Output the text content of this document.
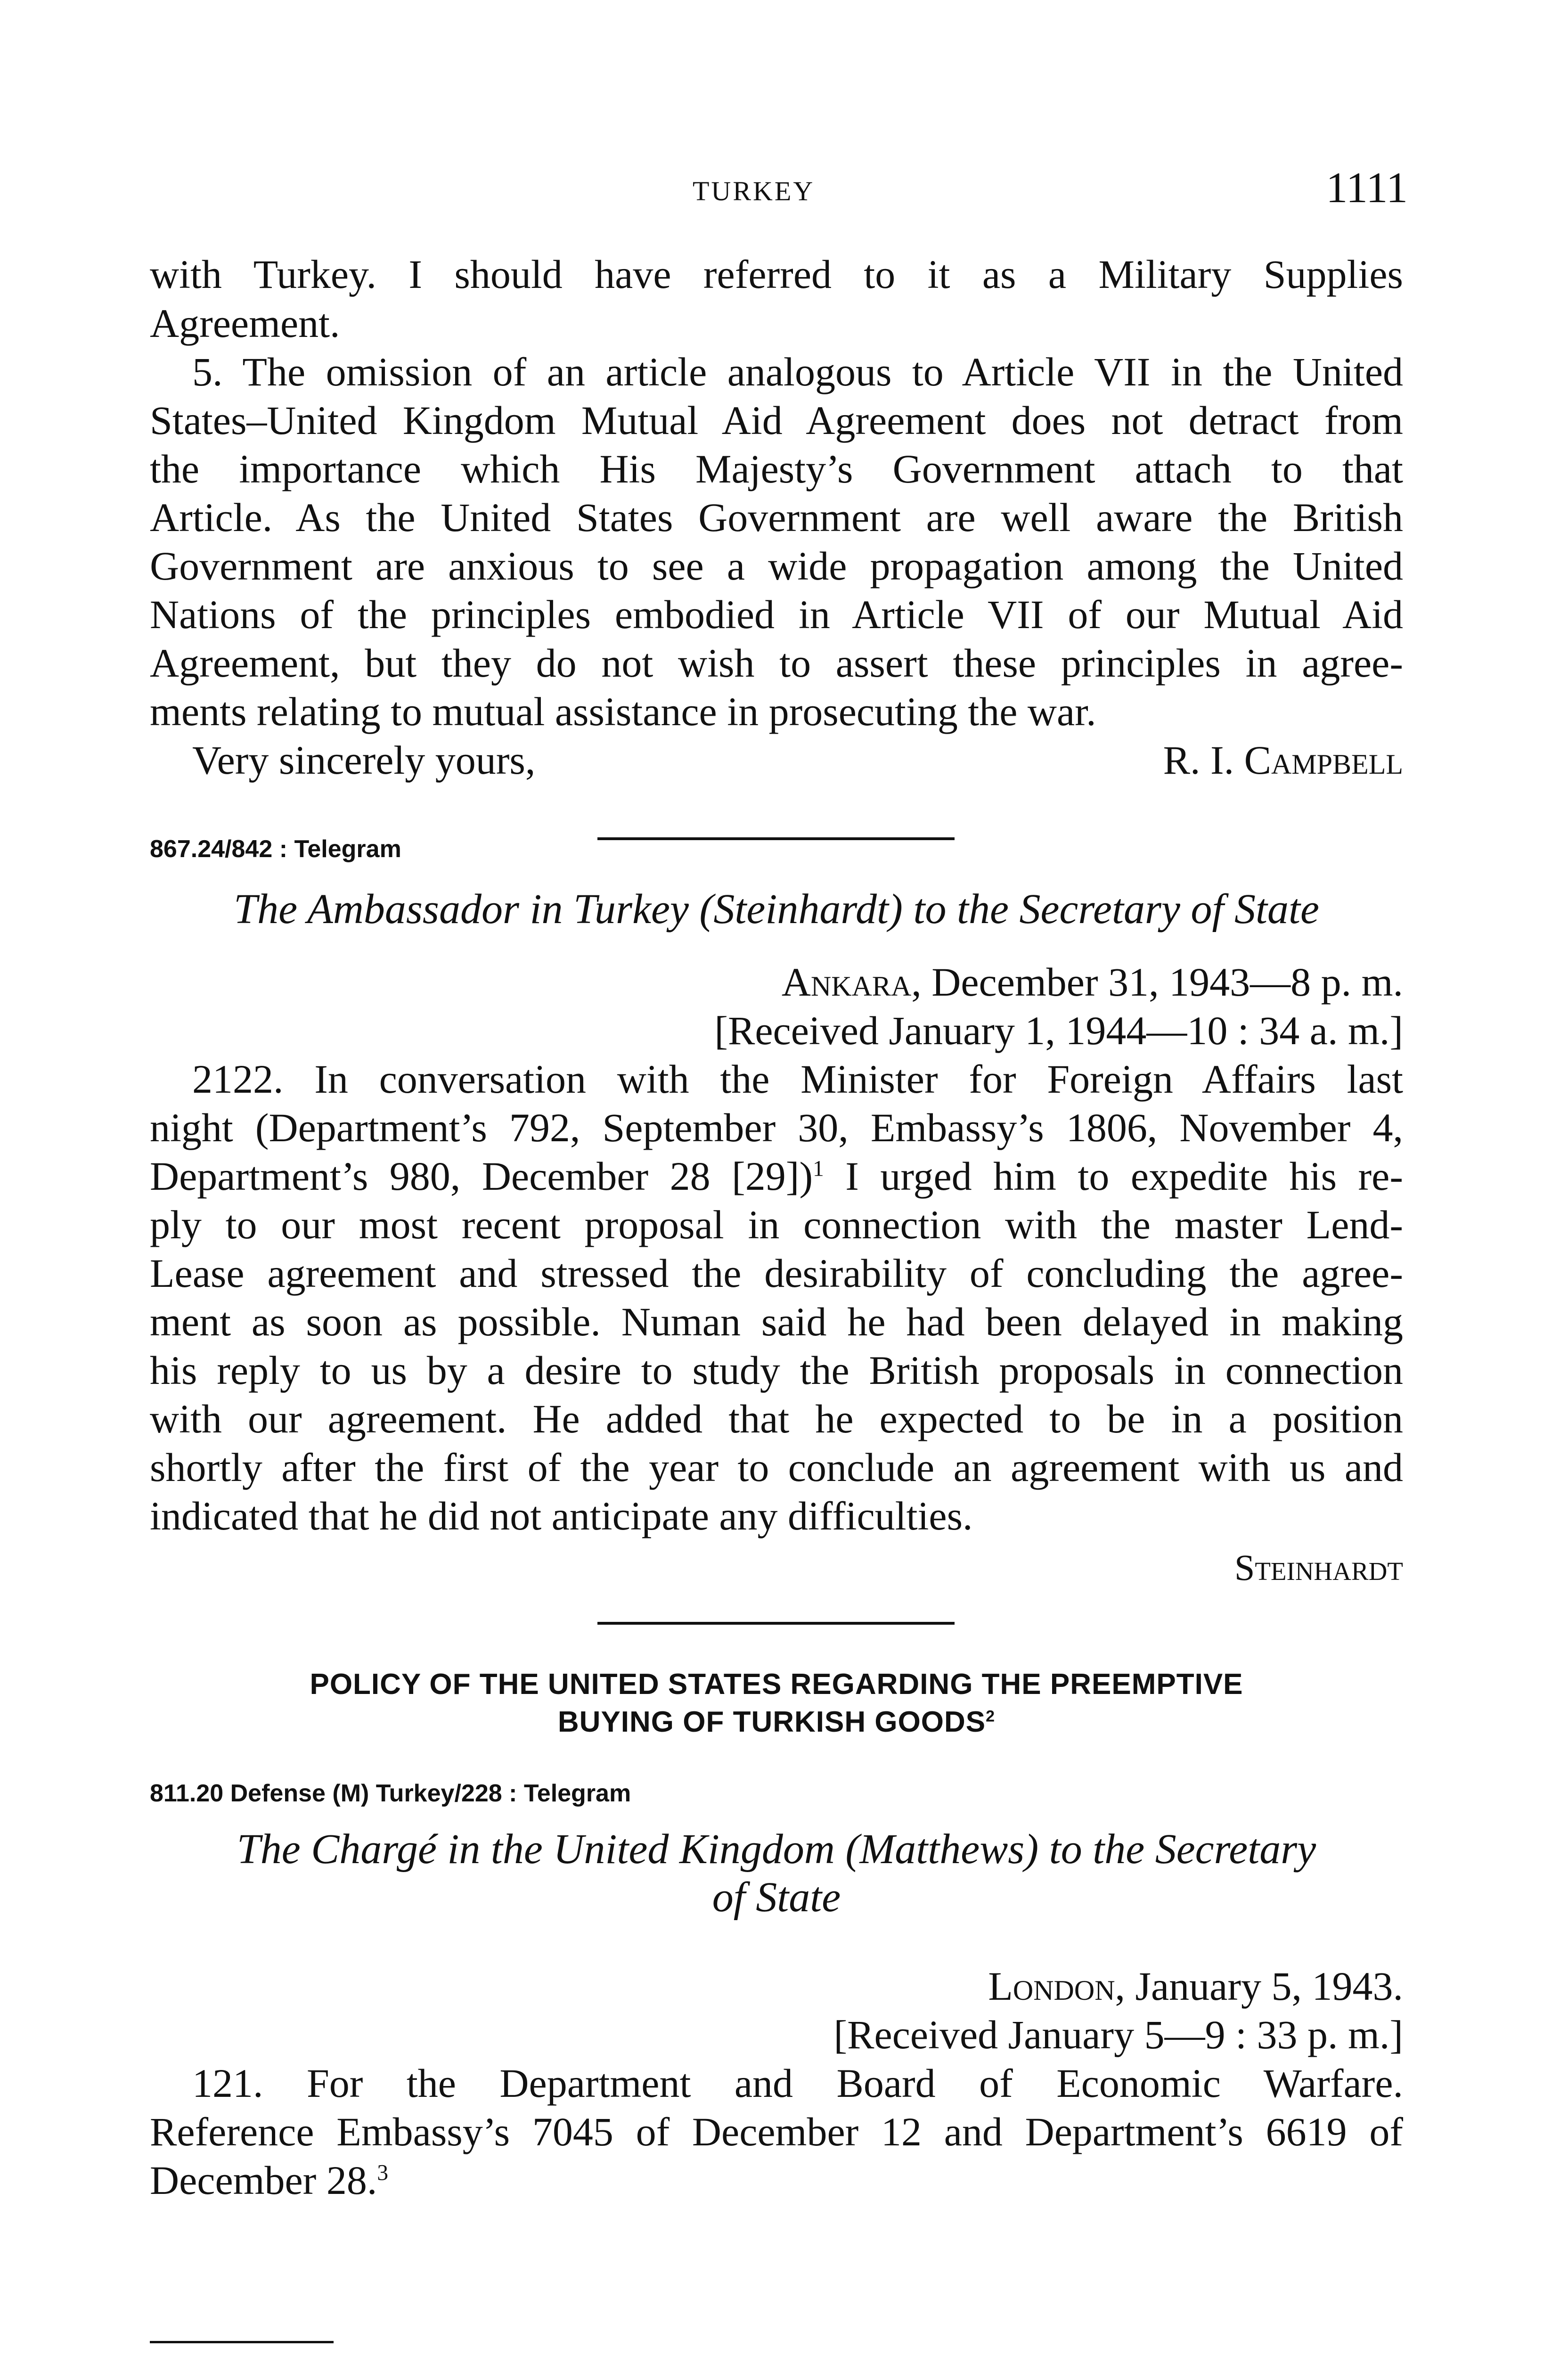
TURKEY	1111
with Turkey. I should have referred to it as a Military Supplies
Agreement.
5. The omission of an article analogous to Article VII in the United
States–United Kingdom Mutual Aid Agreement does not detract from
the importance which His Majesty’s Government attach to that
Article. As the United States Government are well aware the British
Government are anxious to see a wide propagation among the United
Nations of the principles embodied in Article VII of our Mutual Aid
Agreement, but they do not wish to assert these principles in agree-
ments relating to mutual assistance in prosecuting the war.
Very sincerely yours,	R. I. Campbell
867.24/842 : Telegram
The Ambassador in Turkey (Steinhardt) to the Secretary of State
Ankara, December 31, 1943—8 p. m.
[Received January 1, 1944—10 : 34 a. m.]
2122. In conversation with the Minister for Foreign Affairs last
night (Department’s 792, September 30, Embassy’s 1806, November 4,
Department’s 980, December 28 [29])$^1$ I urged him to expedite his re-
ply to our most recent proposal in connection with the master Lend-
Lease agreement and stressed the desirability of concluding the agree-
ment as soon as possible. Numan said he had been delayed in making
his reply to us by a desire to study the British proposals in connection
with our agreement. He added that he expected to be in a position
shortly after the first of the year to conclude an agreement with us and
indicated that he did not anticipate any difficulties.
Steinhardt
POLICY OF THE UNITED STATES REGARDING THE PREEMPTIVE
BUYING OF TURKISH GOODS$^2$
811.20 Defense (M) Turkey/228 : Telegram
The Chargé in the United Kingdom (Matthews) to the Secretary
of State
London, January 5, 1943.
[Received January 5—9 : 33 p. m.]
121. For the Department and Board of Economic Warfare.
Reference Embassy’s 7045 of December 12 and Department’s 6619 of
December 28.$^3$
